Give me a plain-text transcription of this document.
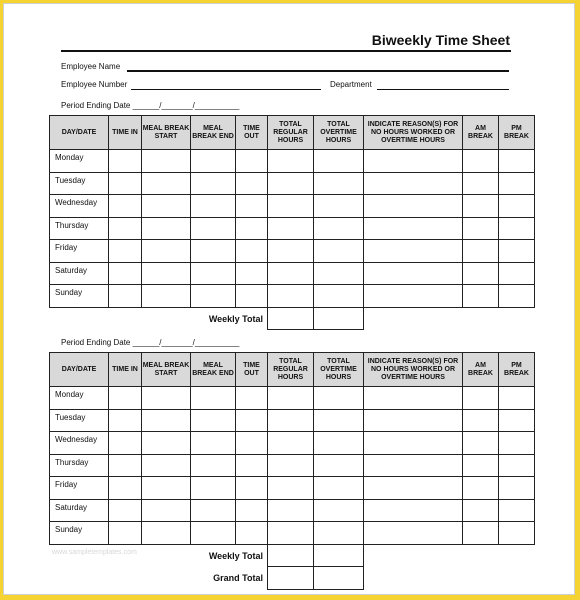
Biweekly Time Sheet
Employee Name
Employee Number	Department
Period Ending Date ______/_______/__________
DAY/DATE	TIME IN	MEAL BREAK START	MEAL BREAK END	TIME OUT	TOTAL REGULAR HOURS	TOTAL OVERTIME HOURS	INDICATE REASON(S) FOR NO HOURS WORKED OR OVERTIME HOURS	AM BREAK	PM BREAK
Monday									
Tuesday									
Wednesday									
Thursday									
Friday									
Saturday									
Sunday									
		Weekly Total							
Period Ending Date ______/_______/__________
DAY/DATE	TIME IN	MEAL BREAK START	MEAL BREAK END	TIME OUT	TOTAL REGULAR HOURS	TOTAL OVERTIME HOURS	INDICATE REASON(S) FOR NO HOURS WORKED OR OVERTIME HOURS	AM BREAK	PM BREAK
Monday									
Tuesday									
Wednesday									
Thursday									
Friday									
Saturday									
Sunday									
		Weekly Total							
		Grand Total							
www.sampletemplates.com
